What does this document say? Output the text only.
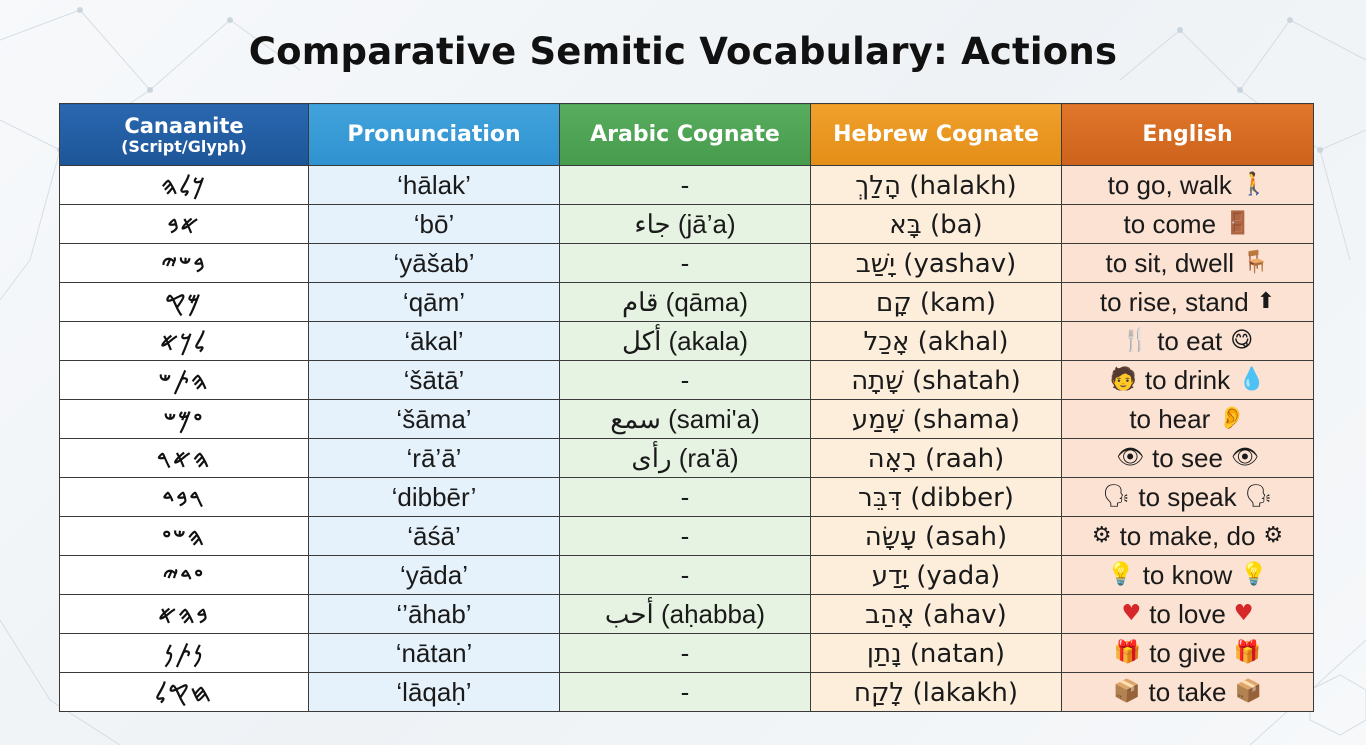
Comparative Semitic Vocabulary: Actions
Canaanite
(Script/Glyph)	Pronunciation	Arabic Cognate	Hebrew Cognate	English
𐤊𐤋𐤄	‘hālak’	-	הָלַךְ (halakh)	to go, walk 🚶

𐤀𐤁	‘bō’	جاء (jā’a)	בָּא (ba)	to come 🚪

𐤁𐤔𐤉	‘yāšab’	-	יָשַׁב (yashav)	to sit, dwell 🪑

𐤌𐤒	‘qām’	قام (qāma)	קָם (kam)	to rise, stand ⬆

𐤋𐤊𐤀	‘ākal’	أكل (akala)	אָכַל (akhal)	🍴 to eat 😋

𐤄𐤕𐤔	‘šātā’	-	שָׁתָה (shatah)	🧑 to drink 💧

𐤏𐤌𐤔	‘šāma’	سمع (sami'a)	שָׁמַע (shama)	to hear 👂

𐤄𐤀𐤓	‘rā’ā’	رأى (ra'ā)	רָאָה (raah)	👁 to see 👁

𐤓𐤁𐤃	‘dibbēr’	-	דִּבֵּר (dibber)	🗣 to speak 🗣

𐤄𐤔𐤏	‘āśā’	-	עָשָׂה (asah)	⚙ to make, do ⚙

𐤏𐤃𐤉	‘yāda’	-	יָדַע (yada)	💡 to know 💡

𐤁𐤄𐤀	‘’āhab’	أحب (aḥabba)	אָהַב (ahav)	♥ to love ♥

𐤍𐤕𐤍	‘nātan’	-	נָתַן (natan)	🎁 to give 🎁

𐤇𐤒𐤋	‘lāqaḥ’	-	לָקַח (lakakh)	📦 to take 📦
